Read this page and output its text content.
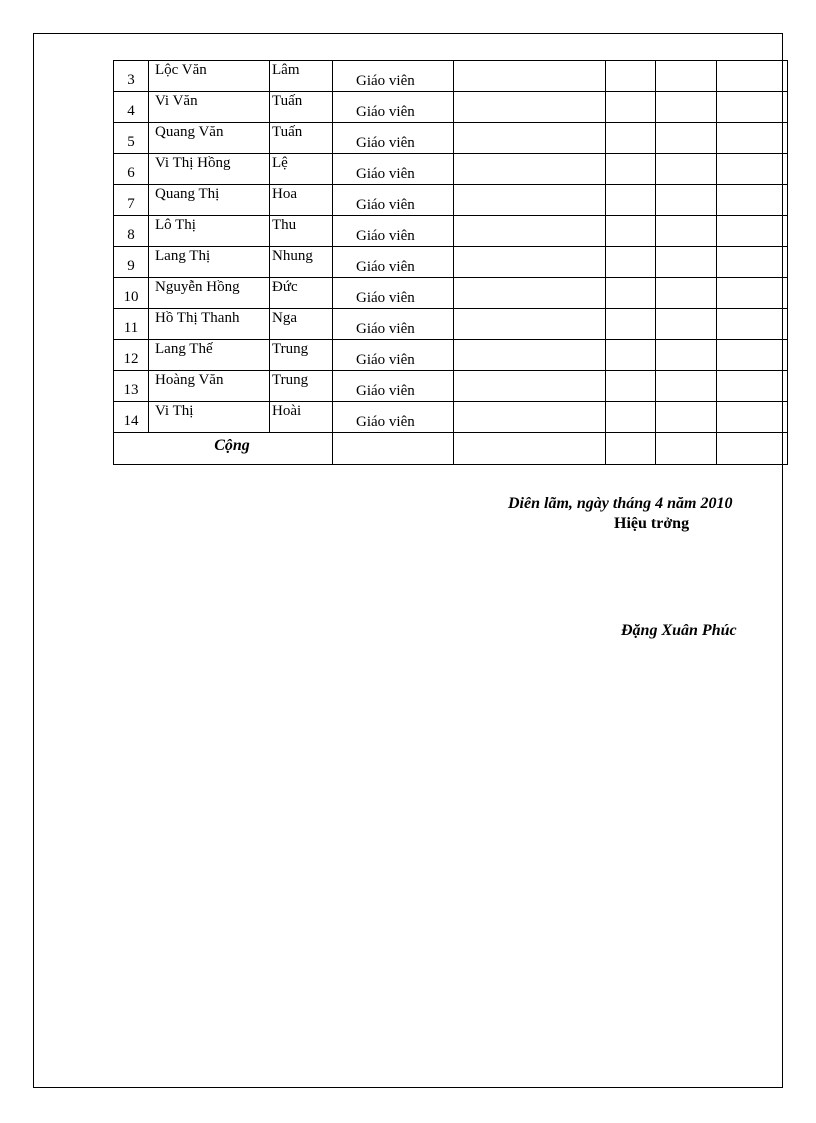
3	Lộc Văn	Lâm	Giáo viên				

4	Vi Văn	Tuấn	Giáo viên				

5	Quang Văn	Tuấn	Giáo viên				

6	Vi Thị Hồng	Lệ	Giáo viên				

7	Quang Thị	Hoa	Giáo viên				

8	Lô Thị	Thu	Giáo viên				

9	Lang Thị	Nhung	Giáo viên				

10	Nguyễn Hồng	Đức	Giáo viên				

11	Hồ Thị Thanh	Nga	Giáo viên				

12	Lang Thế	Trung	Giáo viên				

13	Hoàng Văn	Trung	Giáo viên				

14	Vi Thị	Hoài	Giáo viên				

Cộng							

Diên lãm, ngày tháng 4 năm 2010
Hiệu trởng
Đặng Xuân Phúc
